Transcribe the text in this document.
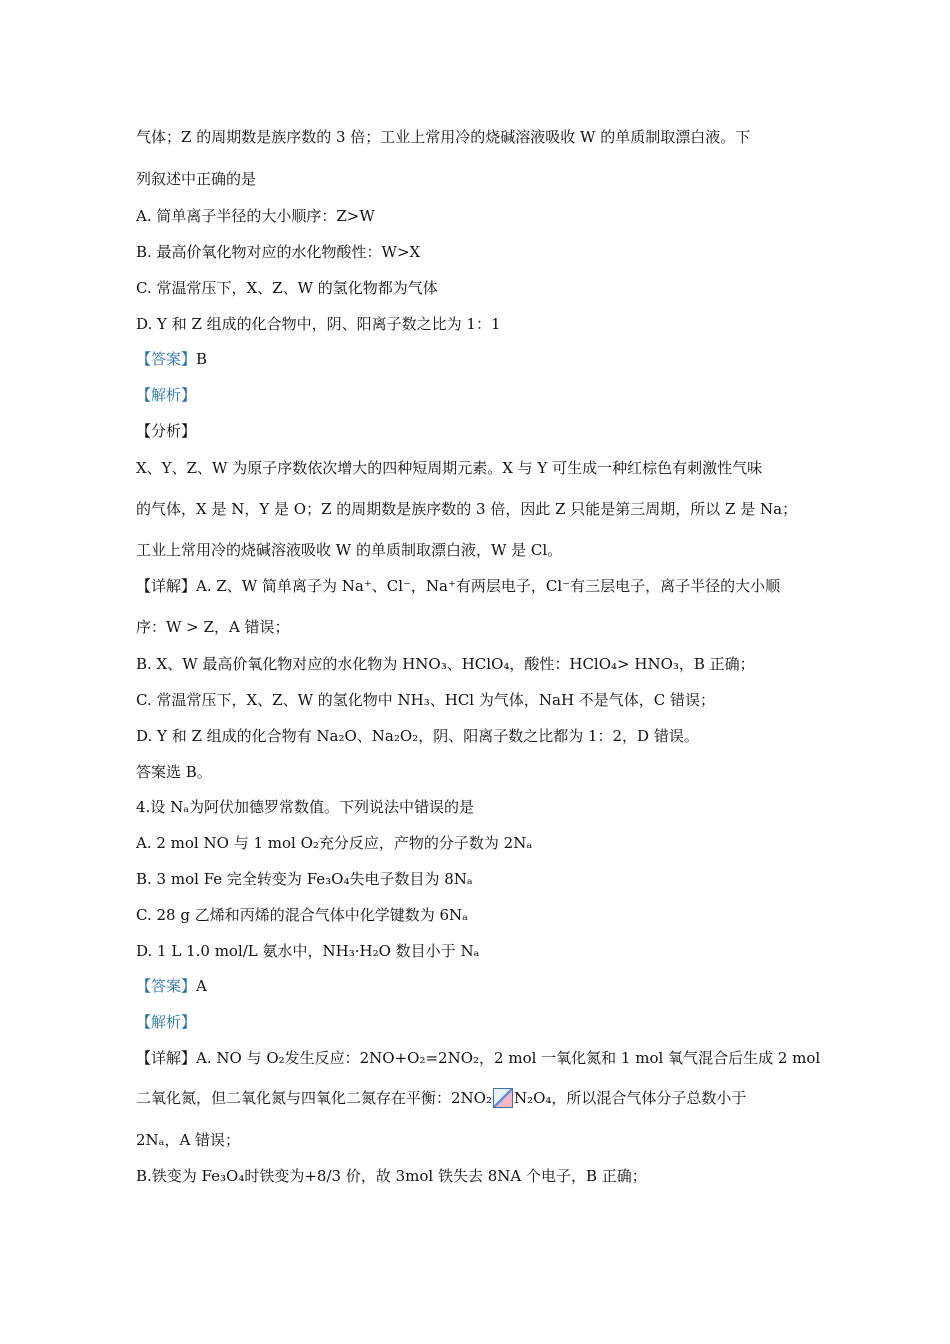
气体；Z 的周期数是族序数的 3 倍；工业上常用冷的烧碱溶液吸收 W 的单质制取漂白液。下
列叙述中正确的是
A. 简单离子半径的大小顺序：Z>W
B. 最高价氧化物对应的水化物酸性：W>X
C. 常温常压下，X、Z、W 的氢化物都为气体
D. Y 和 Z 组成的化合物中，阴、阳离子数之比为 1：1
【答案】B
【解析】
【分析】
X、Y、Z、W 为原子序数依次增大的四种短周期元素。X 与 Y 可生成一种红棕色有刺激性气味
的气体，X 是 N，Y 是 O；Z 的周期数是族序数的 3 倍，因此 Z 只能是第三周期，所以 Z 是 Na；
工业上常用冷的烧碱溶液吸收 W 的单质制取漂白液，W 是 Cl。
【详解】A. Z、W 简单离子为 Na⁺、Cl⁻，Na⁺有两层电子，Cl⁻有三层电子，离子半径的大小顺
序：W > Z，A 错误；
B. X、W 最高价氧化物对应的水化物为 HNO₃、HClO₄，酸性：HClO₄> HNO₃，B 正确；
C. 常温常压下，X、Z、W 的氢化物中 NH₃、HCl 为气体，NaH 不是气体，C 错误；
D. Y 和 Z 组成的化合物有 Na₂O、Na₂O₂，阴、阳离子数之比都为 1：2，D 错误。
答案选 B。
4.设 Nₐ为阿伏加德罗常数值。下列说法中错误的是
A. 2 mol NO 与 1 mol O₂充分反应，产物的分子数为 2Nₐ
B. 3 mol Fe 完全转变为 Fe₃O₄失电子数目为 8Nₐ
C. 28 g 乙烯和丙烯的混合气体中化学键数为 6Nₐ
D. 1 L 1.0 mol/L 氨水中，NH₃·H₂O 数目小于 Nₐ
【答案】A
【解析】
【详解】A. NO 与 O₂发生反应：2NO+O₂=2NO₂，2 mol 一氧化氮和 1 mol 氧气混合后生成 2 mol
二氧化氮，但二氧化氮与四氧化二氮存在平衡：2NO₂ N₂O₄，所以混合气体分子总数小于
2Nₐ，A 错误；
B.铁变为 Fe₃O₄时铁变为+8/3 价，故 3mol 铁失去 8NA 个电子，B 正确；
